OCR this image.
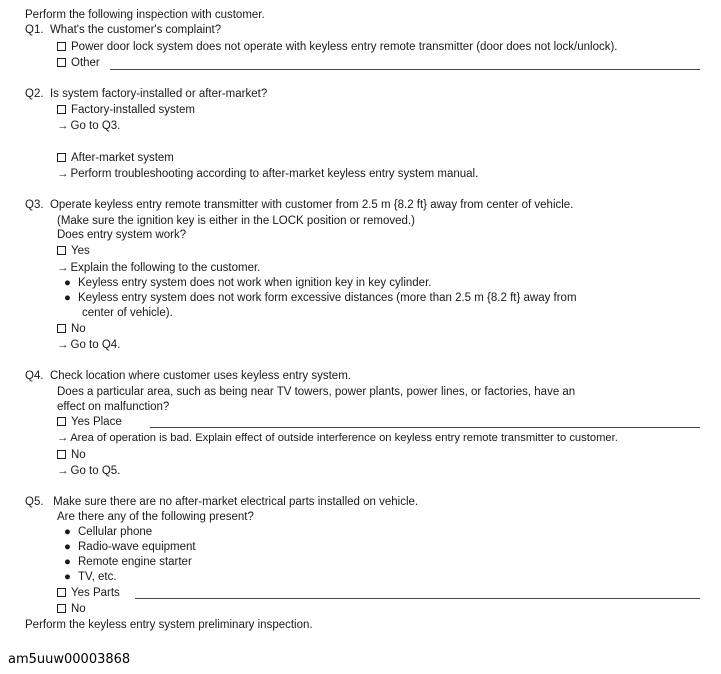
Perform the following inspection with customer.
Q1. What's the customer's complaint?
Power door lock system does not operate with keyless entry remote transmitter (door does not lock/unlock).
Other
Q2. Is system factory-installed or after-market?
Factory-installed system
→ Go to Q3.
After-market system
→ Perform troubleshooting according to after-market keyless entry system manual.
Q3. Operate keyless entry remote transmitter with customer from 2.5 m {8.2 ft} away from center of vehicle.
(Make sure the ignition key is either in the LOCK position or removed.)
Does entry system work?
Yes
→ Explain the following to the customer.
● Keyless entry system does not work when ignition key in key cylinder.
● Keyless entry system does not work form excessive distances (more than 2.5 m {8.2 ft} away from
center of vehicle).
No
→ Go to Q4.
Q4. Check location where customer uses keyless entry system.
Does a particular area, such as being near TV towers, power plants, power lines, or factories, have an
effect on malfunction?
Yes Place
→ Area of operation is bad. Explain effect of outside interference on keyless entry remote transmitter to customer.
No
→ Go to Q5.
Q5. Make sure there are no after-market electrical parts installed on vehicle.
Are there any of the following present?
● Cellular phone
● Radio-wave equipment
● Remote engine starter
● TV, etc.
Yes Parts
No
Perform the keyless entry system preliminary inspection.
am5uuw00003868
